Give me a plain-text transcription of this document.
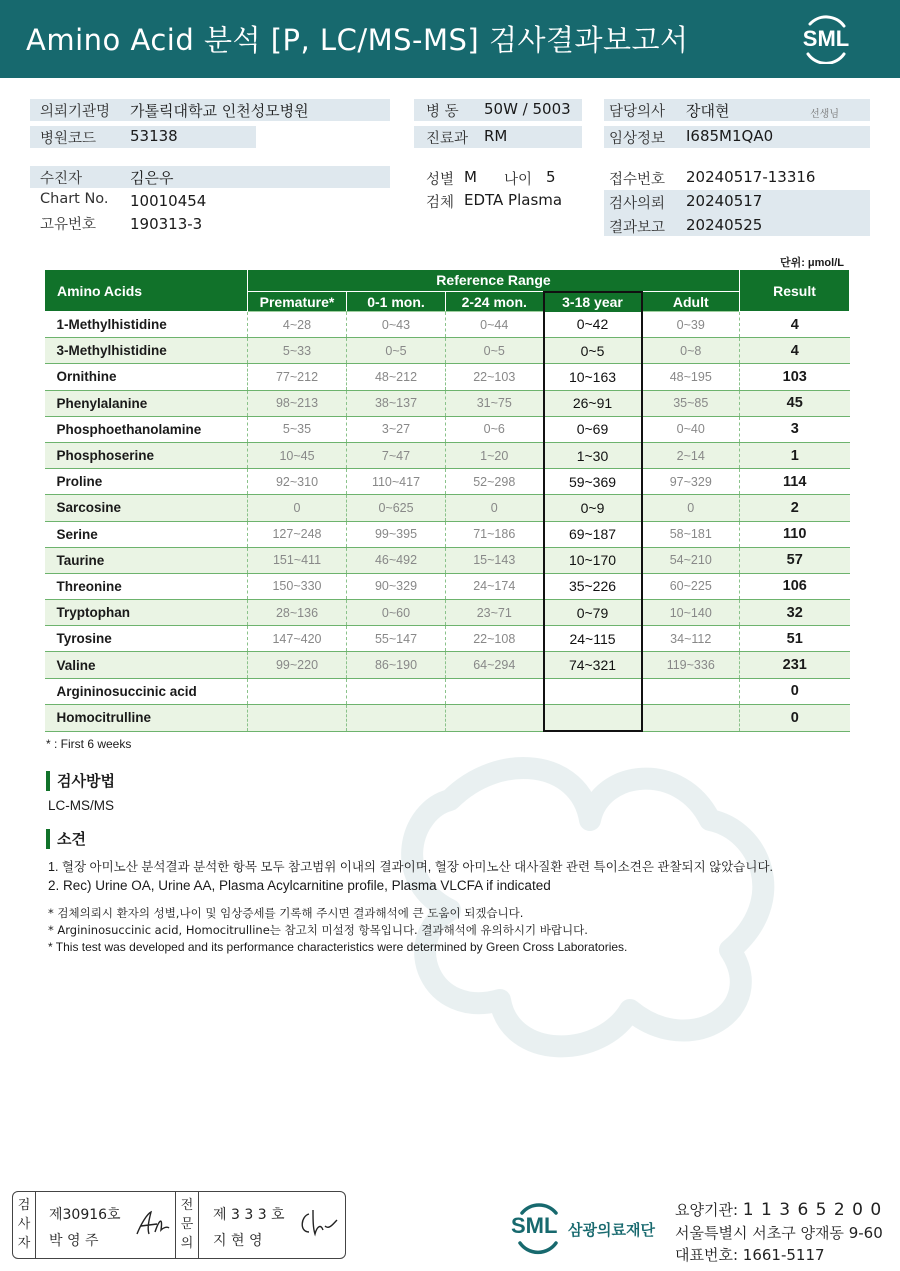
Amino Acid 분석 [P, LC/MS-MS] 검사결과보고서	SML
의뢰기관명 가톨릭대학교 인천성모병원
병원코드 53138
병 동 50W / 5003
진료과 RM
담당의사 장대현	선생님
임상정보 I685M1QA0
수진자	김은우
Chart No. 10010454
고유번호 190313-3
성별 M 나이 5
검체 EDTA Plasma
접수번호 20240517-13316
검사의뢰 20240517
결과보고 20240525
단위: μmol/L
Amino Acids	Reference Range					Result
	Premature*	0-1 mon.	2-24 mon.	3-18 year	Adult	
1-Methylhistidine	4~28	0~43	0~44	0~42	0~39	4
3-Methylhistidine	5~33	0~5	0~5	0~5	0~8	4
Ornithine	77~212	48~212	22~103	10~163	48~195	103
Phenylalanine	98~213	38~137	31~75	26~91	35~85	45
Phosphoethanolamine	5~35	3~27	0~6	0~69	0~40	3
Phosphoserine	10~45	7~47	1~20	1~30	2~14	1
Proline	92~310	110~417	52~298	59~369	97~329	114
Sarcosine	0	0~625	0	0~9	0	2
Serine	127~248	99~395	71~186	69~187	58~181	110
Taurine	151~411	46~492	15~143	10~170	54~210	57
Threonine	150~330	90~329	24~174	35~226	60~225	106
Tryptophan	28~136	0~60	23~71	0~79	10~140	32
Tyrosine	147~420	55~147	22~108	24~115	34~112	51
Valine	99~220	86~190	64~294	74~321	119~336	231
Argininosuccinic acid						0
Homocitrulline						0
* : First 6 weeks
검사방법
LC-MS/MS
소견
1. 혈장 아미노산 분석결과 분석한 항목 모두 참고범위 이내의 결과이며, 혈장 아미노산 대사질환 관련 특이소견은 관찰되지 않았습니다.
2. Rec) Urine OA, Urine AA, Plasma Acylcarnitine profile, Plasma VLCFA if indicated
* 검체의뢰시 환자의 성별,나이 및 임상증세를 기록해 주시면 결과해석에 큰 도움이 되겠습니다.
* Argininosuccinic acid, Homocitrulline는 참고치 미설정 항목입니다. 결과해석에 유의하시기 바랍니다.
* This test was developed and its performance characteristics were determined by Green Cross Laboratories.
검
사
자
제30916호
박 영 주
전
문
의
제 3 3 3 호
지 현 영
SML 삼광의료재단
요양기관: 1 1 3 6 5 2 0 0
서울특별시 서초구 양재동 9-60
대표번호: 1661-5117
